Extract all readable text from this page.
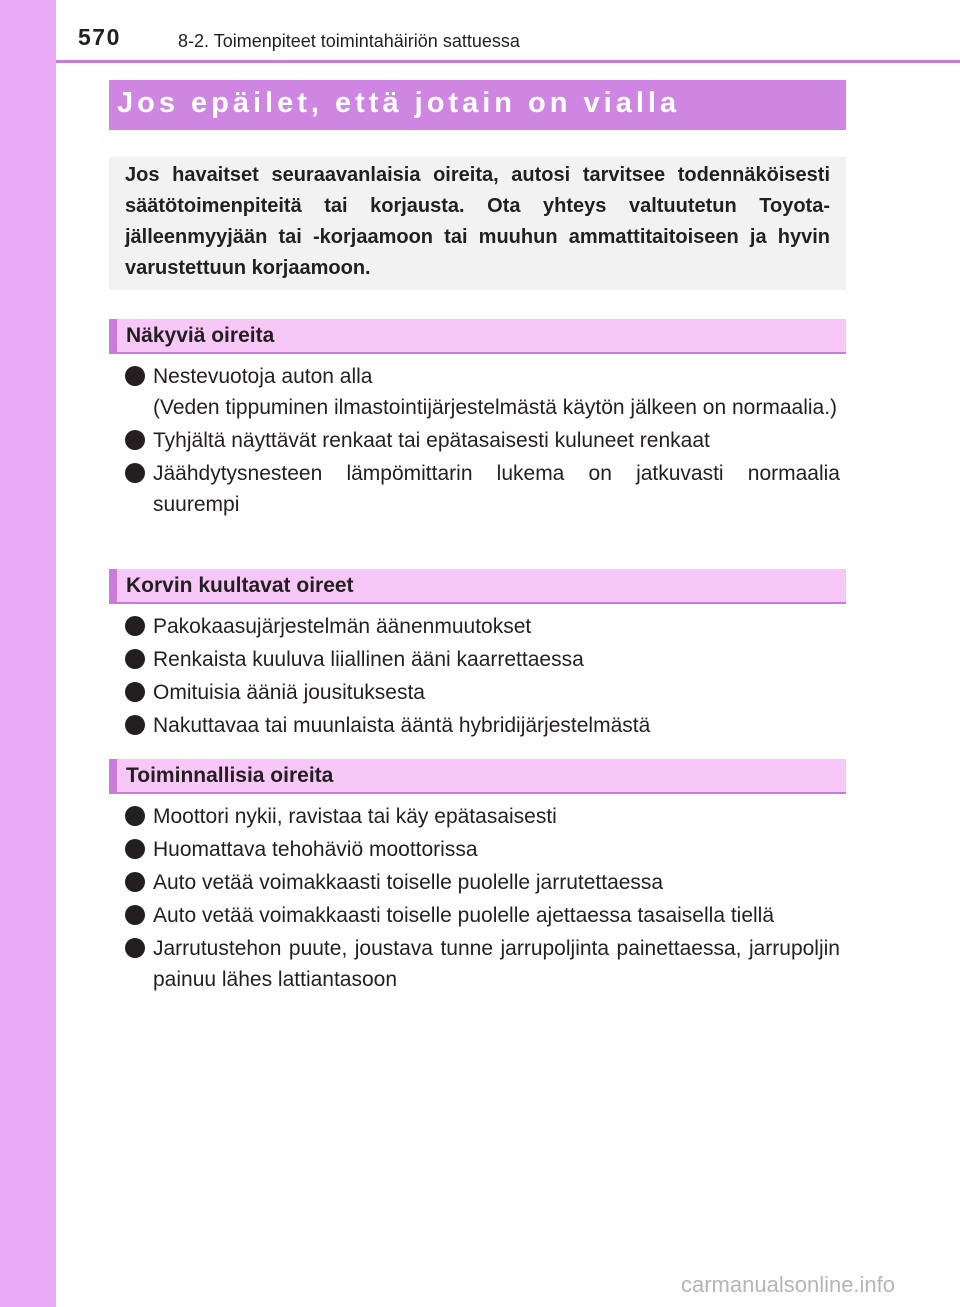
570	8-2. Toimenpiteet toimintahäiriön sattuessa
Jos epäilet, että jotain on vialla

Jos havaitset seuraavanlaisia oireita, autosi tarvitsee todennäköisesti säätötoimenpiteitä tai korjausta. Ota yhteys valtuutetun Toyota-jälleenmyyjään tai -korjaamoon tai muuhun ammattitaitoiseen ja hyvin varustettuun korjaamoon.

Näkyviä oireita
Nestevuotoja auton alla
(Veden tippuminen ilmastointijärjestelmästä käytön jälkeen on normaalia.)
Tyhjältä näyttävät renkaat tai epätasaisesti kuluneet renkaat
Jäähdytysnesteen lämpömittarin lukema on jatkuvasti normaalia suurempi
Korvin kuultavat oireet
Pakokaasujärjestelmän äänenmuutokset
Renkaista kuuluva liiallinen ääni kaarrettaessa
Omituisia ääniä jousituksesta
Nakuttavaa tai muunlaista ääntä hybridijärjestelmästä
Toiminnallisia oireita
Moottori nykii, ravistaa tai käy epätasaisesti
Huomattava tehohäviö moottorissa
Auto vetää voimakkaasti toiselle puolelle jarrutettaessa
Auto vetää voimakkaasti toiselle puolelle ajettaessa tasaisella tiellä
Jarrutustehon puute, joustava tunne jarrupoljinta painettaessa, jarrupoljin painuu lähes lattiantasoon
carmanualsonline.info
